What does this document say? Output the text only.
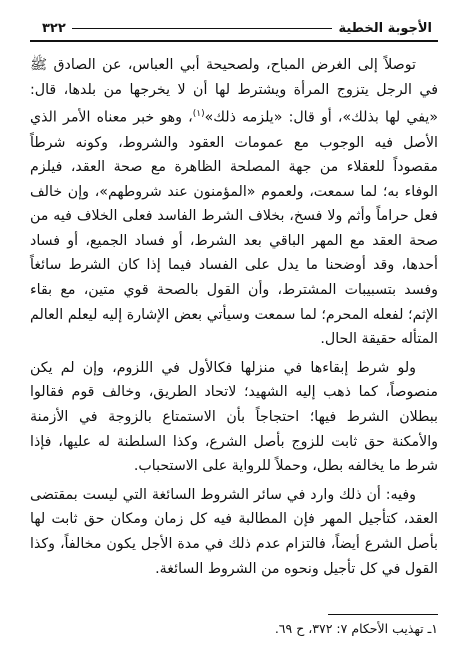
الأجوبة الخطية
٣٢٢

توصلاً إلى الغرض المباح، ولصحيحة أبي العباس، عن الصادق ﷺ في الرجل يتزوج المرأة ويشترط لها أن لا يخرجها من بلدها، قال: «يفي لها بذلك»، أو قال: «يلزمه ذلك»$^{(١)}$، وهو خبر معناه الأمر الذي الأصل فيه الوجوب مع عمومات العقود والشروط، وكونه شرطاً مقصوداً للعقلاء من جهة المصلحة الظاهرة مع صحة العقد، فيلزم الوفاء به؛ لما سمعت، ولعموم «المؤمنون عند شروطهم»، وإن خالف فعل حراماً وأثم ولا فسخ، بخلاف الشرط الفاسد فعلى الخلاف فيه من صحة العقد مع المهر الباقي بعد الشرط، أو فساد الجميع، أو فساد أحدها، وقد أوضحنا ما يدل على الفساد فيما إذا كان الشرط سائغاً وفسد بتسبيبات المشترط، وأن القول بالصحة قوي متين، مع بقاء الإثم؛ لفعله المحرم؛ لما سمعت وسيأتي بعض الإشارة إليه ليعلم العالم المتأله حقيقة الحال.

ولو شرط إبقاءها في منزلها فكالأول في اللزوم، وإن لم يكن منصوصاً، كما ذهب إليه الشهيد؛ لاتحاد الطريق، وخالف قوم فقالوا ببطلان الشرط فيها؛ احتجاجاً بأن الاستمتاع بالزوجة في الأزمنة والأمكنة حق ثابت للزوج بأصل الشرع، وكذا السلطنة له عليها، فإذا شرط ما يخالفه بطل، وحملاً للرواية على الاستحباب.

وفيه: أن ذلك وارد في سائر الشروط السائغة التي ليست بمقتضى العقد، كتأجيل المهر فإن المطالبة فيه كل زمان ومكان حق ثابت لها بأصل الشرع أيضاً، فالتزام عدم ذلك في مدة الأجل يكون مخالفاً، وكذا القول في كل تأجيل ونحوه من الشروط السائغة.

١ـ تهذيب الأحكام ٧: ٣٧٢، ح ٦٩.
